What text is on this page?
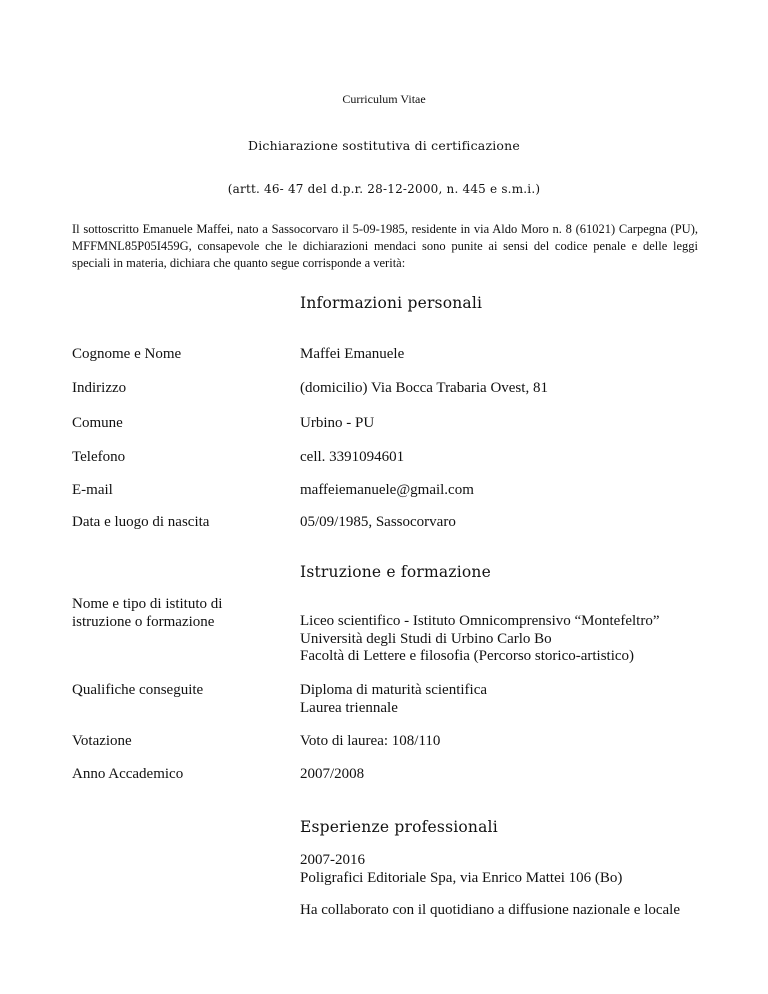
Curriculum Vitae

Dichiarazione sostitutiva di certificazione

(artt. 46- 47 del d.p.r. 28-12-2000, n. 445 e s.m.i.)

Il sottoscritto Emanuele Maffei, nato a Sassocorvaro il 5-09-1985, residente in via Aldo Moro n. 8 (61021) Carpegna (PU), MFFMNL85P05I459G, consapevole che le dichiarazioni mendaci sono punite ai sensi del codice penale e delle leggi speciali in materia, dichiara che quanto segue corrisponde a verità:

Informazioni personali

Cognome e Nome	Maffei Emanuele

Indirizzo	(domicilio) Via Bocca Trabaria Ovest, 81

Comune	Urbino - PU

Telefono	cell. 3391094601

E-mail	maffeiemanuele@gmail.com

Data e luogo di nascita	05/09/1985, Sassocorvaro

Istruzione e formazione

Nome e tipo di istituto di
istruzione o formazione	Liceo scientifico - Istituto Omnicomprensivo “Montefeltro”
Università degli Studi di Urbino Carlo Bo
Facoltà di Lettere e filosofia (Percorso storico-artistico)

Qualifiche conseguite	Diploma di maturità scientifica
Laurea triennale

Votazione	Voto di laurea: 108/110

Anno Accademico	2007/2008

Esperienze professionali

2007-2016
Poligrafici Editoriale Spa, via Enrico Mattei 106 (Bo)

Ha collaborato con il quotidiano a diffusione nazionale e locale
